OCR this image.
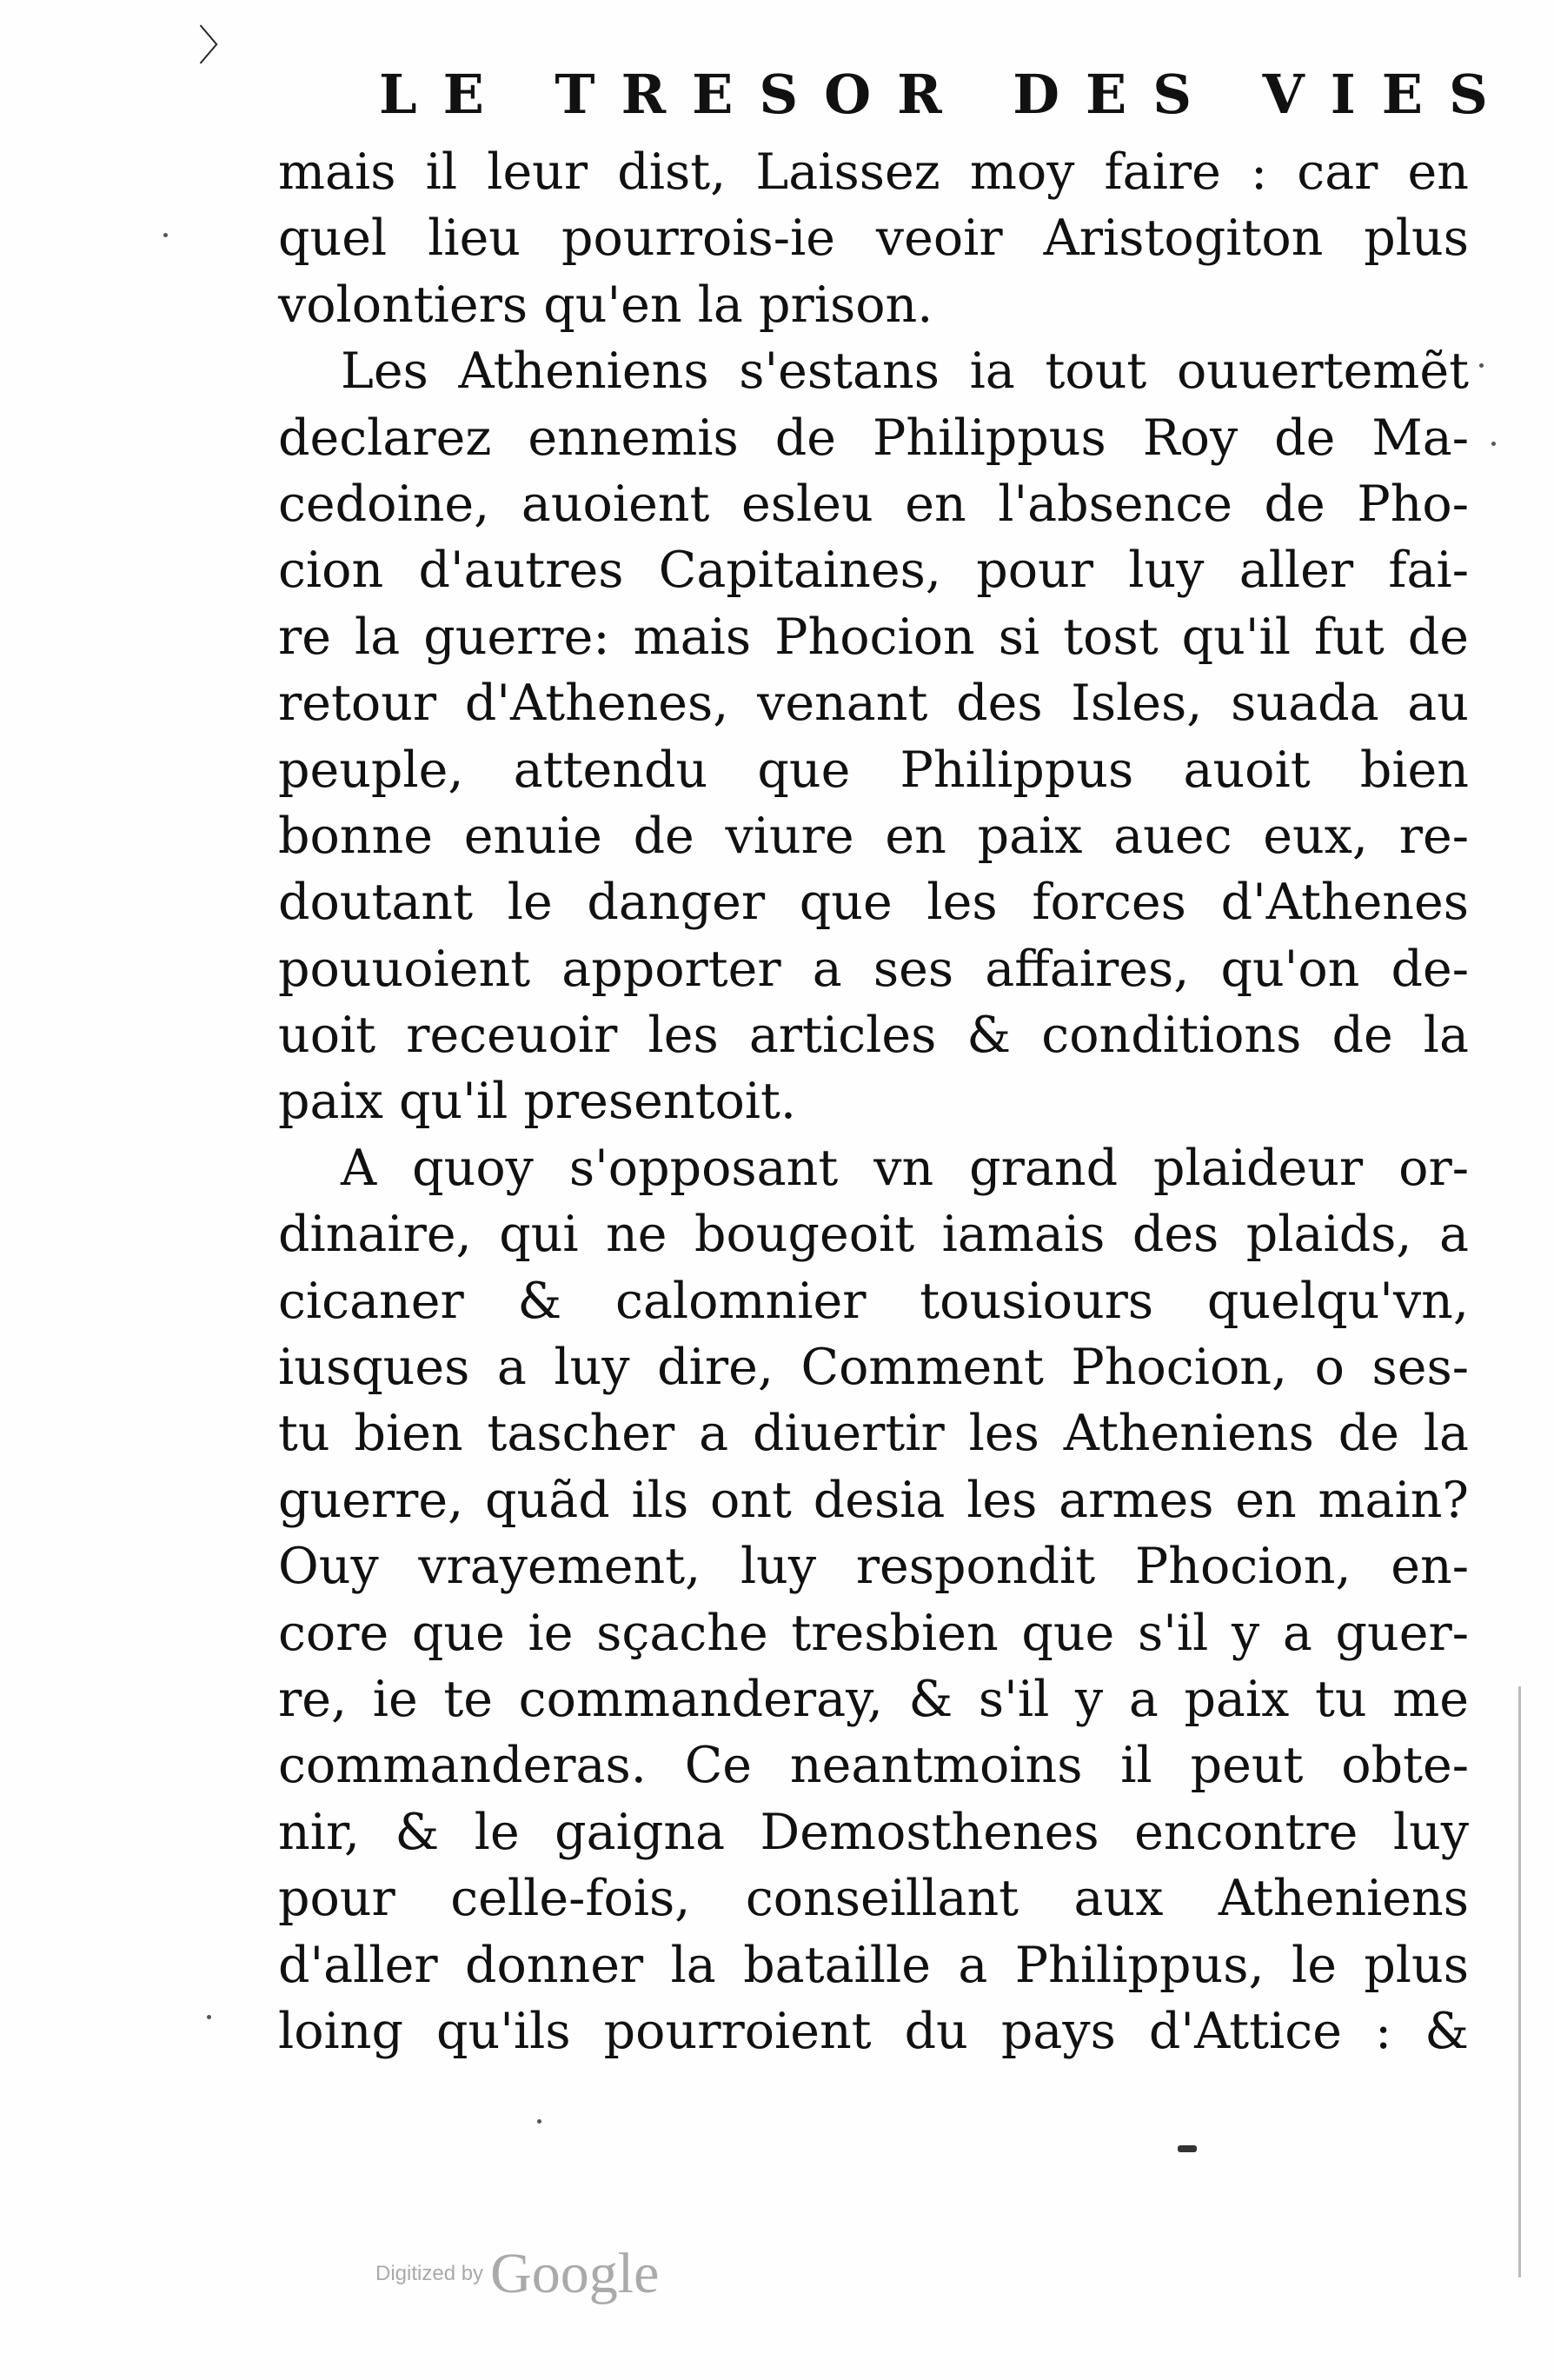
〉
LE TRESOR DES VIES
mais il leur dist, Laissez moy faire : car en
quel lieu pourrois-ie veoir Aristogiton plus
volontiers qu'en la prison.
Les Atheniens s'estans ia tout ouuertemẽt
declarez ennemis de Philippus Roy de Ma-
cedoine, auoient esleu en l'absence de Pho-
cion d'autres Capitaines, pour luy aller fai-
re la guerre: mais Phocion si tost qu'il fut de
retour d'Athenes, venant des Isles, suada au
peuple, attendu que Philippus auoit bien
bonne enuie de viure en paix auec eux, re-
doutant le danger que les forces d'Athenes
pouuoient apporter a ses affaires, qu'on de-
uoit receuoir les articles & conditions de la
paix qu'il presentoit.
A quoy s'opposant vn grand plaideur or-
dinaire, qui ne bougeoit iamais des plaids, a
cicaner & calomnier tousiours quelqu'vn,
iusques a luy dire, Comment Phocion, o ses-
tu bien tascher a diuertir les Atheniens de la
guerre, quãd ils ont desia les armes en main?
Ouy vrayement, luy respondit Phocion, en-
core que ie sçache tresbien que s'il y a guer-
re, ie te commanderay, & s'il y a paix tu me
commanderas. Ce neantmoins il peut obte-
nir, & le gaigna Demosthenes encontre luy
pour celle-fois, conseillant aux Atheniens
d'aller donner la bataille a Philippus, le plus
loing qu'ils pourroient du pays d'Attice : &
Digitized by Google
